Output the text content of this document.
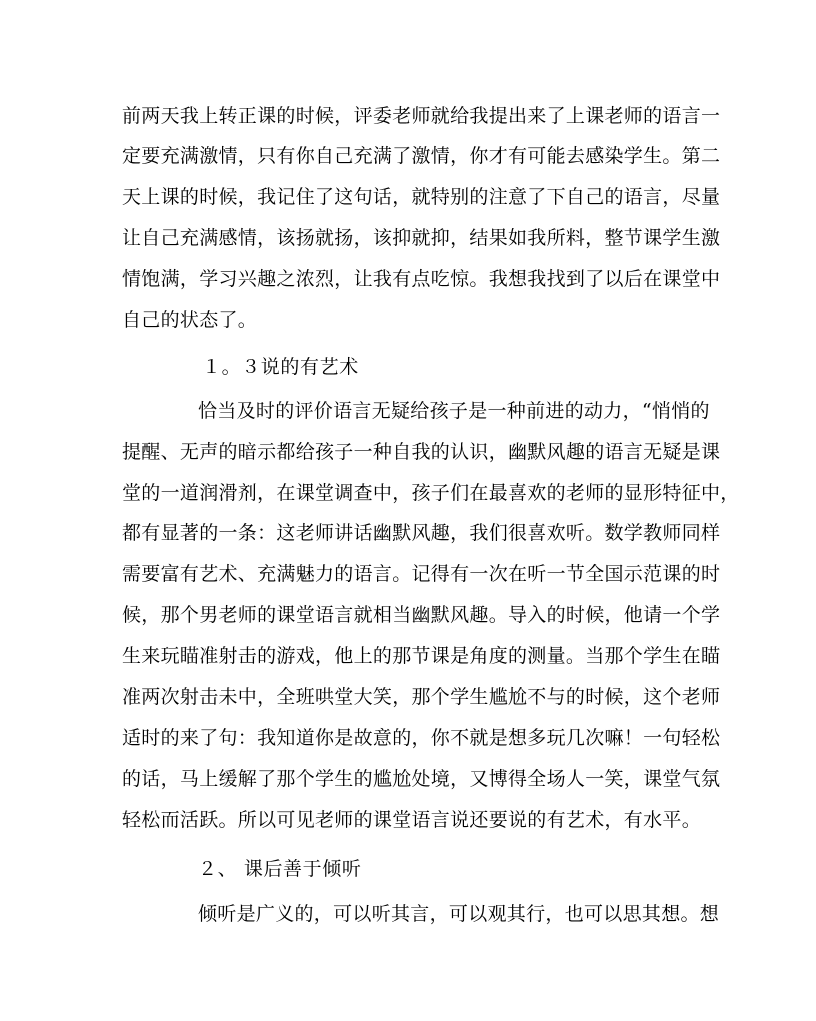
前两天我上转正课的时候，评委老师就给我提出来了上课老师的语言一
定要充满激情，只有你自己充满了激情，你才有可能去感染学生。第二
天上课的时候，我记住了这句话，就特别的注意了下自己的语言，尽量
让自己充满感情，该扬就扬，该抑就抑，结果如我所料，整节课学生激
情饱满，学习兴趣之浓烈，让我有点吃惊。我想我找到了以后在课堂中
自己的状态了。
１。３说的有艺术
恰当及时的评价语言无疑给孩子是一种前进的动力，“悄悄的
提醒、无声的暗示都给孩子一种自我的认识，幽默风趣的语言无疑是课
堂的一道润滑剂，在课堂调查中，孩子们在最喜欢的老师的显形特征中，
都有显著的一条：这老师讲话幽默风趣，我们很喜欢听。数学教师同样
需要富有艺术、充满魅力的语言。记得有一次在听一节全国示范课的时
候，那个男老师的课堂语言就相当幽默风趣。导入的时候，他请一个学
生来玩瞄准射击的游戏，他上的那节课是角度的测量。当那个学生在瞄
准两次射击未中，全班哄堂大笑，那个学生尴尬不与的时候，这个老师
适时的来了句：我知道你是故意的，你不就是想多玩几次嘛！一句轻松
的话，马上缓解了那个学生的尴尬处境，又博得全场人一笑，课堂气氛
轻松而活跃。所以可见老师的课堂语言说还要说的有艺术，有水平。
２、 课后善于倾听
倾听是广义的，可以听其言，可以观其行，也可以思其想。想
